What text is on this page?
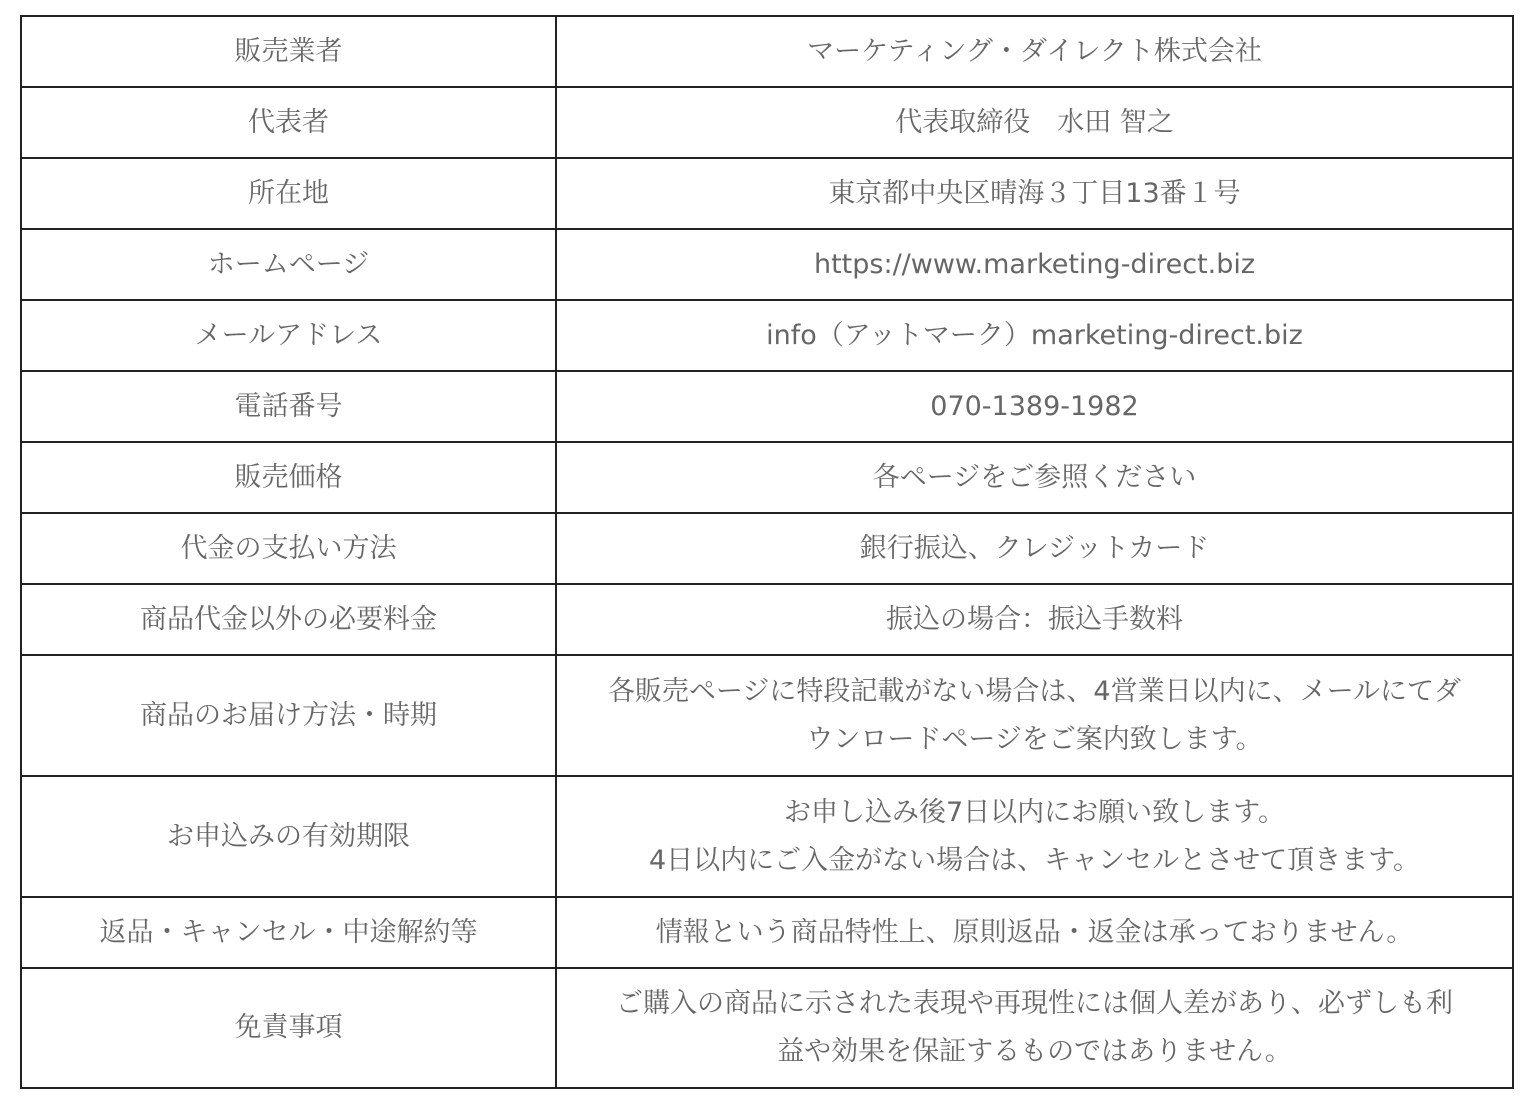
販売業者	マーケティング・ダイレクト株式会社

代表者	代表取締役　水田 智之

所在地	東京都中央区晴海３丁目13番１号

ホームページ	https://www.marketing-direct.biz

メールアドレス	info（アットマーク）marketing-direct.biz

電話番号	070-1389-1982

販売価格	各ページをご参照ください

代金の支払い方法	銀行振込、クレジットカード

商品代金以外の必要料金	振込の場合：振込手数料

商品のお届け方法・時期	各販売ページに特段記載がない場合は、4営業日以内に、メールにてダ
ウンロードページをご案内致します。

お申込みの有効期限	お申し込み後7日以内にお願い致します。
4日以内にご入金がない場合は、キャンセルとさせて頂きます。

返品・キャンセル・中途解約等	情報という商品特性上、原則返品・返金は承っておりません。

免責事項	ご購入の商品に示された表現や再現性には個人差があり、必ずしも利
益や効果を保証するものではありません。
